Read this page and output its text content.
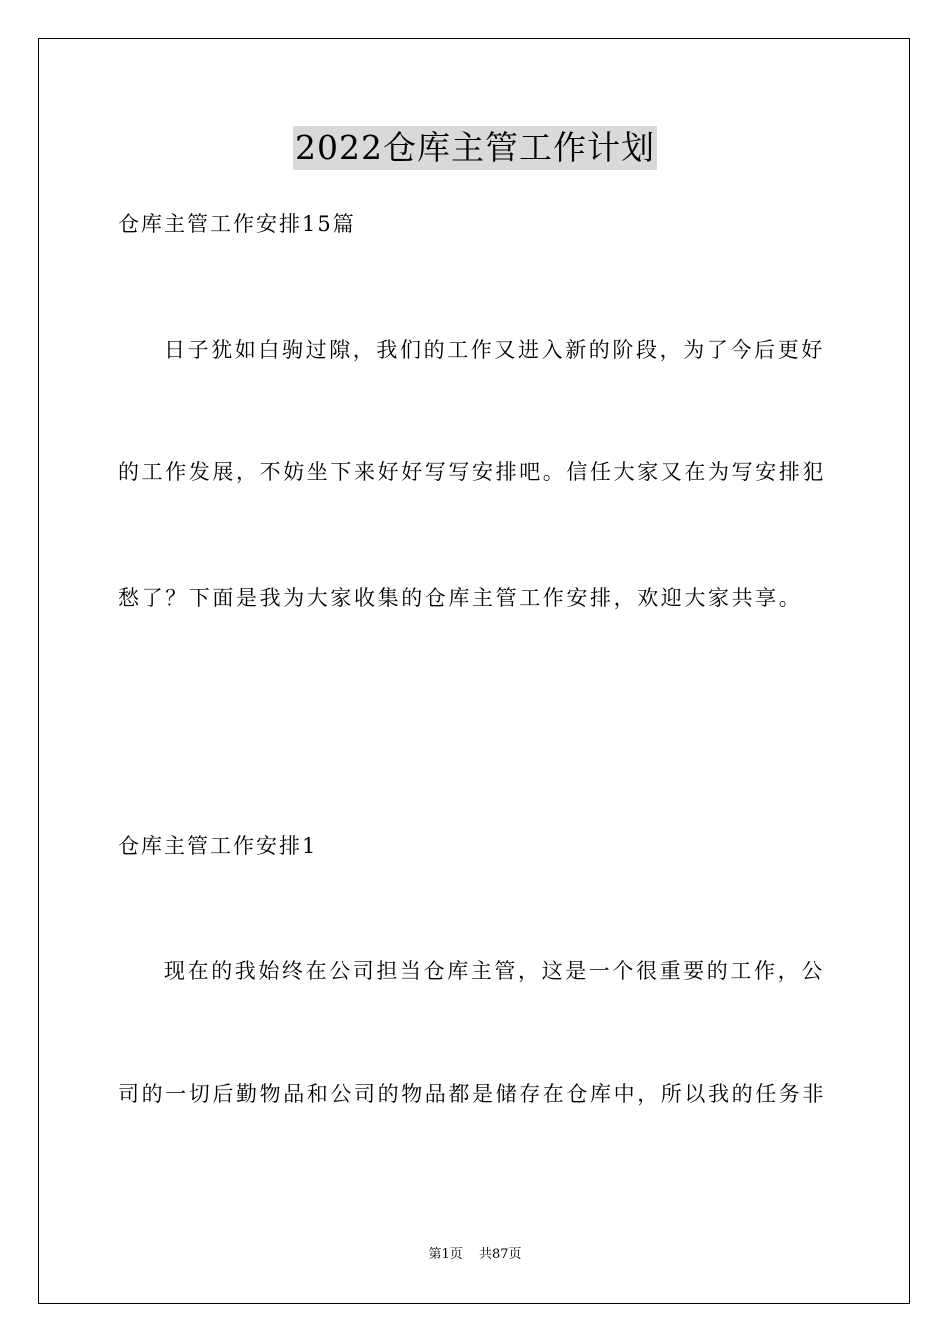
2022仓库主管工作计划
仓库主管工作安排15篇
日子犹如白驹过隙，我们的工作又进入新的阶段，为了今后更好
的工作发展，不妨坐下来好好写写安排吧。信任大家又在为写安排犯
愁了？下面是我为大家收集的仓库主管工作安排，欢迎大家共享。
仓库主管工作安排1
现在的我始终在公司担当仓库主管，这是一个很重要的工作，公
司的一切后勤物品和公司的物品都是储存在仓库中，所以我的任务非
第1页 共87页
